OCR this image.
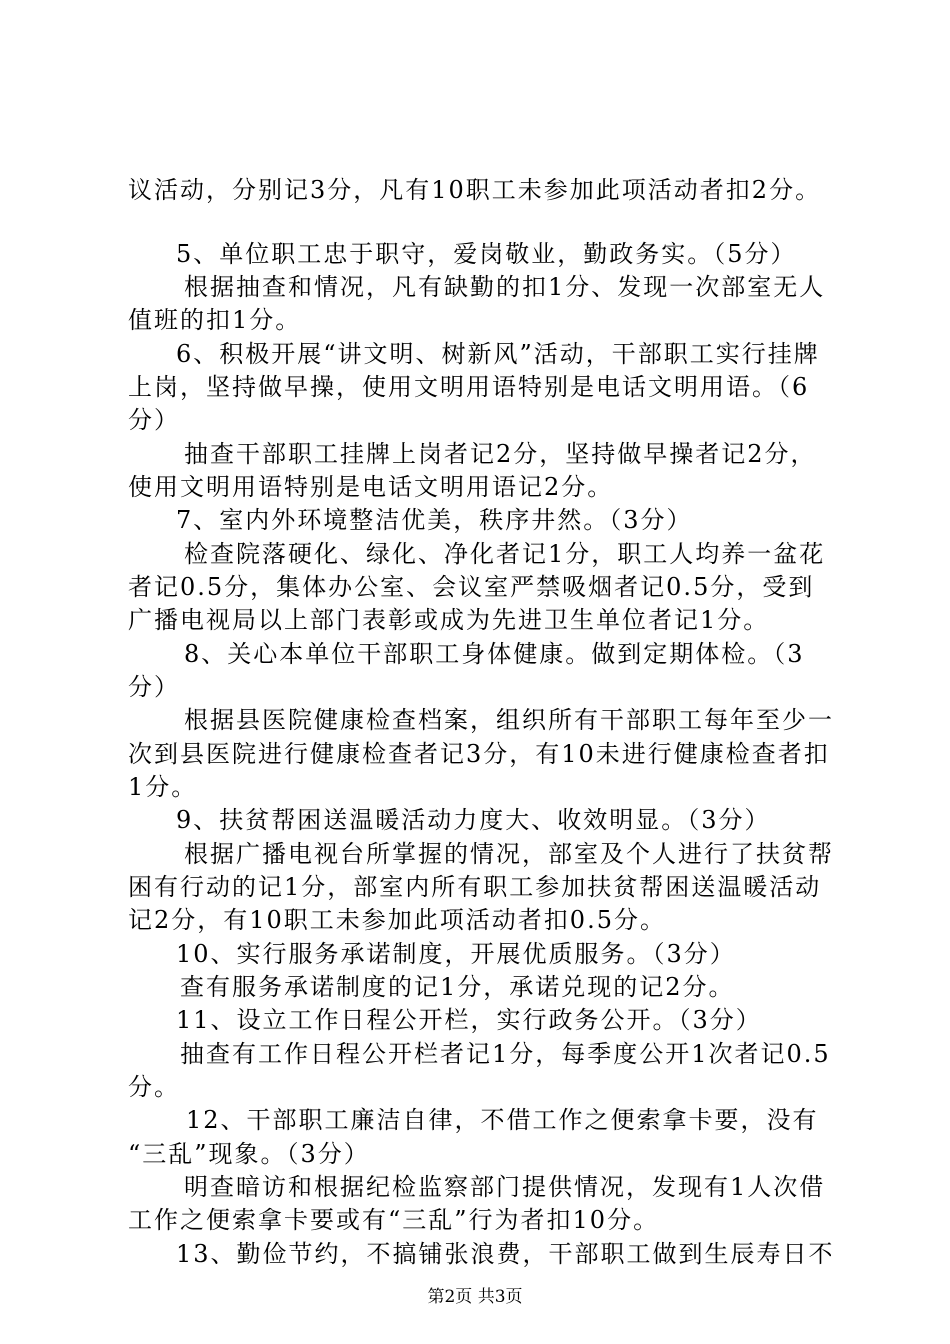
议活动，分别记3分，凡有10职工未参加此项活动者扣2分。
5、单位职工忠于职守，爱岗敬业，勤政务实。（5分）
根据抽查和情况，凡有缺勤的扣1分、发现一次部室无人
值班的扣1分。
6、积极开展“讲文明、树新风”活动，干部职工实行挂牌
上岗，坚持做早操，使用文明用语特别是电话文明用语。（6
分）
抽查干部职工挂牌上岗者记2分，坚持做早操者记2分，
使用文明用语特别是电话文明用语记2分。
7、室内外环境整洁优美，秩序井然。（3分）
检查院落硬化、绿化、净化者记1分，职工人均养一盆花
者记0.5分，集体办公室、会议室严禁吸烟者记0.5分，受到
广播电视局以上部门表彰或成为先进卫生单位者记1分。
8、关心本单位干部职工身体健康。做到定期体检。（3
分）
根据县医院健康检查档案，组织所有干部职工每年至少一
次到县医院进行健康检查者记3分，有10未进行健康检查者扣
1分。
9、扶贫帮困送温暖活动力度大、收效明显。（3分）
根据广播电视台所掌握的情况，部室及个人进行了扶贫帮
困有行动的记1分，部室内所有职工参加扶贫帮困送温暖活动
记2分，有10职工未参加此项活动者扣0.5分。
10、实行服务承诺制度，开展优质服务。（3分）
查有服务承诺制度的记1分，承诺兑现的记2分。
11、设立工作日程公开栏，实行政务公开。（3分）
抽查有工作日程公开栏者记1分，每季度公开1次者记0.5
分。
12、干部职工廉洁自律，不借工作之便索拿卡要，没有
“三乱”现象。（3分）
明查暗访和根据纪检监察部门提供情况，发现有1人次借
工作之便索拿卡要或有“三乱”行为者扣10分。
13、勤俭节约，不搞铺张浪费，干部职工做到生辰寿日不
第2页 共3页
